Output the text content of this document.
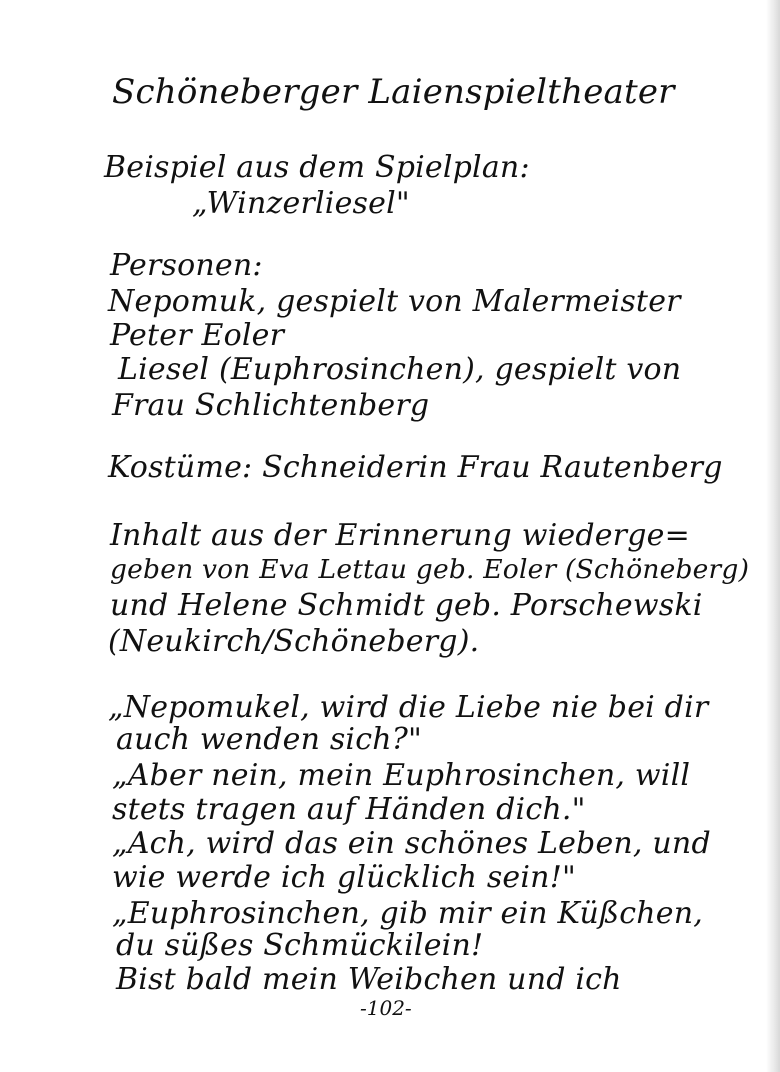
Schöneberger Laienspieltheater
Beispiel aus dem Spielplan:
„Winzerliesel"
Personen:
Nepomuk, gespielt von Malermeister
Peter Eoler
Liesel (Euphrosinchen), gespielt von
Frau Schlichtenberg
Kostüme: Schneiderin Frau Rautenberg
Inhalt aus der Erinnerung wiederge=
geben von Eva Lettau geb. Eoler (Schöneberg)
und Helene Schmidt geb. Porschewski
(Neukirch/Schöneberg).
„Nepomukel, wird die Liebe nie bei dir
auch wenden sich?"
„Aber nein, mein Euphrosinchen, will
stets tragen auf Händen dich."
„Ach, wird das ein schönes Leben, und
wie werde ich glücklich sein!"
„Euphrosinchen, gib mir ein Küßchen,
du süßes Schmückilein!
Bist bald mein Weibchen und ich
-102-
